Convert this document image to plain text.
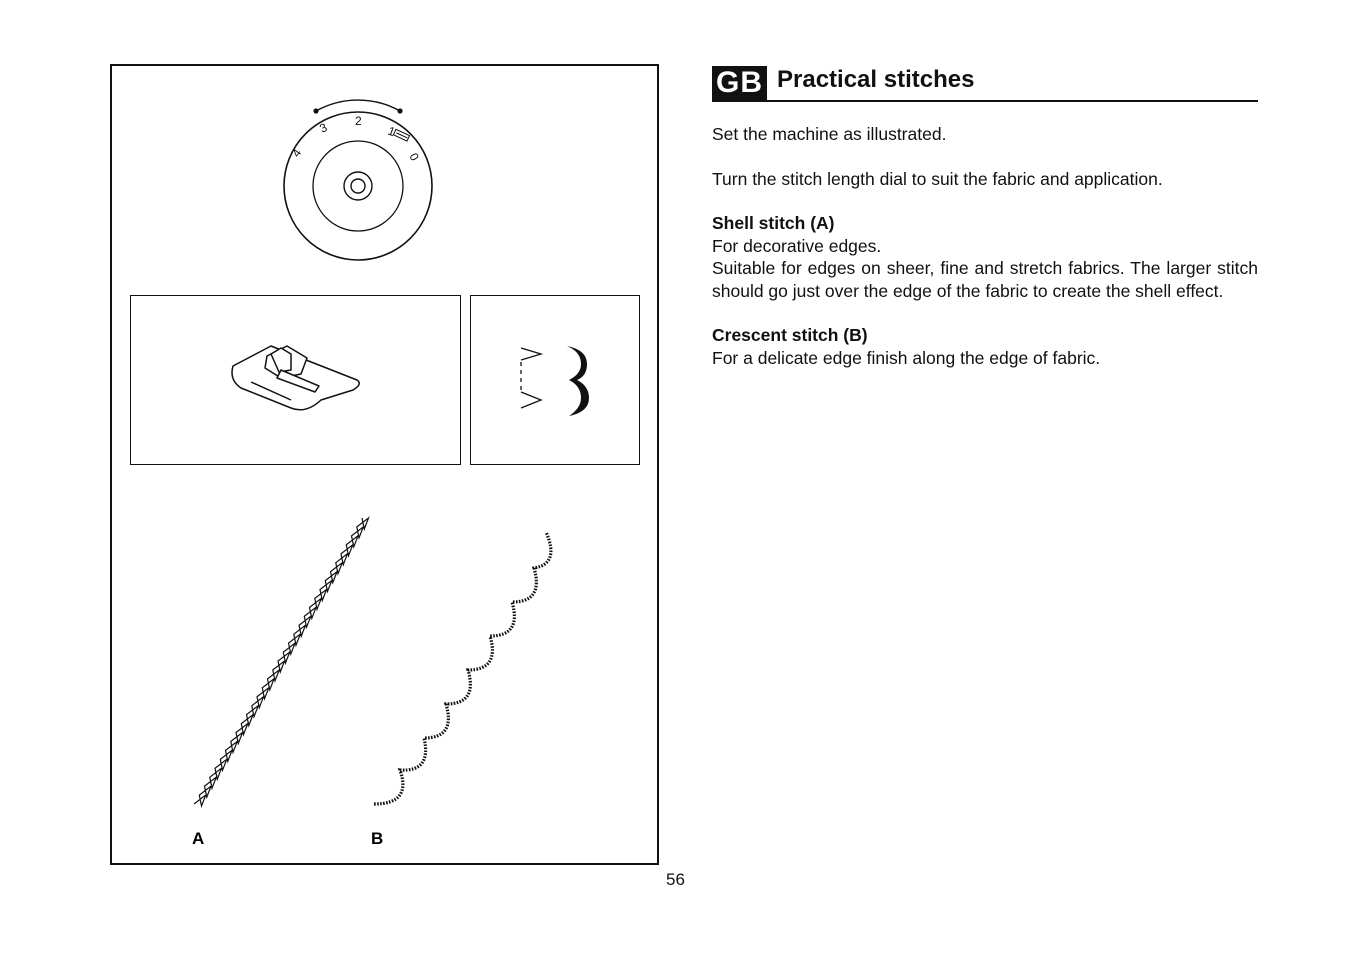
4
3 2
1
0
A	B
GB Practical stitches

Set the machine as illustrated.

Turn the stitch length dial to suit the fabric and application.

Shell stitch (A)

For decorative edges.

Suitable for edges on sheer, fine and stretch fabrics. The larger stitch should go just over the edge of the fabric to create the shell effect.

Crescent stitch (B)

For a delicate edge finish along the edge of fabric.

56
